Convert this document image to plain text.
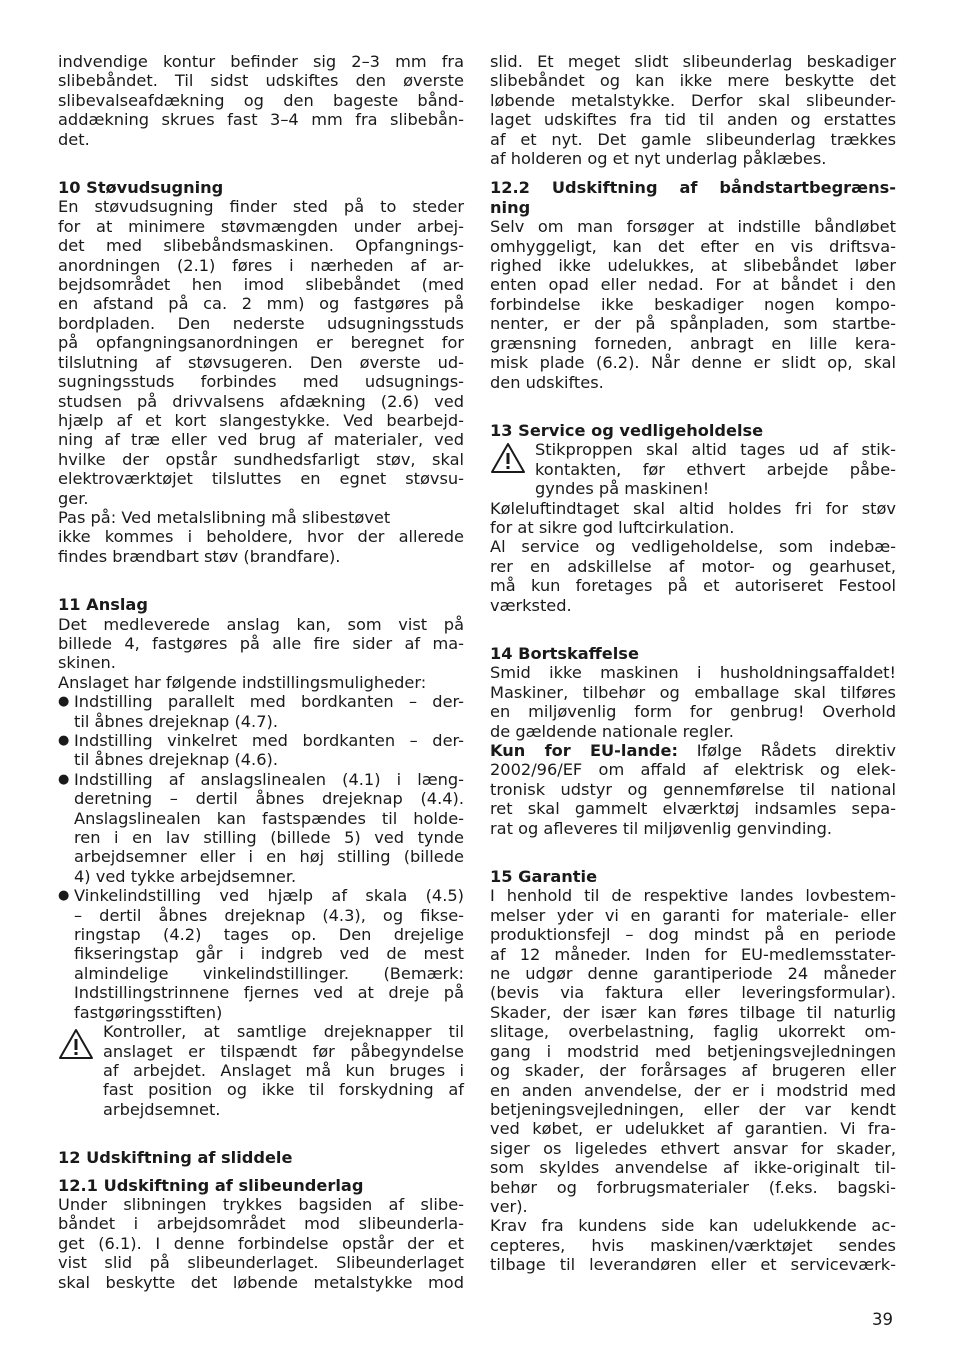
indvendige kontur befinder sig 2–3 mm fra
slibebåndet. Til sidst udskiftes den øverste
slibevalseafdækning og den bageste bånd-
addækning skrues fast 3–4 mm fra slibebån-
det.
10 Støvudsugning
En støvudsugning finder sted på to steder
for at minimere støvmængden under arbej-
det med slibebåndsmaskinen. Opfangnings-
anordningen (2.1) føres i nærheden af ar-
bejdsområdet hen imod slibebåndet (med
en afstand på ca. 2 mm) og fastgøres på
bordpladen. Den nederste udsugningsstuds
på opfangningsanordningen er beregnet for
tilslutning af støvsugeren. Den øverste ud-
sugningsstuds forbindes med udsugnings-
studsen på drivvalsens afdækning (2.6) ved
hjælp af et kort slangestykke. Ved bearbejd-
ning af træ eller ved brug af materialer, ved
hvilke der opstår sundhedsfarligt støv, skal
elektroværktøjet tilsluttes en egnet støvsu-
ger.
Pas på: Ved metalslibning må slibestøvet
ikke kommes i beholdere, hvor der allerede
findes brændbart støv (brandfare).
11 Anslag
Det medleverede anslag kan, som vist på
billede 4, fastgøres på alle fire sider af ma-
skinen.
Anslaget har følgende indstillingsmuligheder:
● Indstilling parallelt med bordkanten – der-
til åbnes drejeknap (4.7).
● Indstilling vinkelret med bordkanten – der-
til åbnes drejeknap (4.6).
● Indstilling af anslagslinealen (4.1) i læng-
deretning – dertil åbnes drejeknap (4.4).
Anslagslinealen kan fastspændes til holde-
ren i en lav stilling (billede 5) ved tynde
arbejdsemner eller i en høj stilling (billede
4) ved tykke arbejdsemner.
● Vinkelindstilling ved hjælp af skala (4.5)
– dertil åbnes drejeknap (4.3), og fikse-
ringstap (4.2) tages op. Den drejelige
fikseringstap går i indgreb ved de mest
almindelige vinkelindstillinger. (Bemærk:
Indstillingstrinnene fjernes ved at dreje på
fastgøringsstiften)
Kontroller, at samtlige drejeknapper til
anslaget er tilspændt før påbegyndelse
af arbejdet. Anslaget må kun bruges i
fast position og ikke til forskydning af
arbejdsemnet.
12 Udskiftning af sliddele
12.1 Udskiftning af slibeunderlag
Under slibningen trykkes bagsiden af slibe-
båndet i arbejdsområdet mod slibeunderla-
get (6.1). I denne forbindelse opstår der et
vist slid på slibeunderlaget. Slibeunderlaget
skal beskytte det løbende metalstykke mod
slid. Et meget slidt slibeunderlag beskadiger
slibebåndet og kan ikke mere beskytte det
løbende metalstykke. Derfor skal slibeunder-
laget udskiftes fra tid til anden og erstattes
af et nyt. Det gamle slibeunderlag trækkes
af holderen og et nyt underlag påklæbes.
12.2 Udskiftning af båndstartbegræns-
ning
Selv om man forsøger at indstille båndløbet
omhyggeligt, kan det efter en vis driftsva-
righed ikke udelukkes, at slibebåndet løber
enten opad eller nedad. For at båndet i den
forbindelse ikke beskadiger nogen kompo-
nenter, er der på spånpladen, som startbe-
grænsning forneden, anbragt en lille kera-
misk plade (6.2). Når denne er slidt op, skal
den udskiftes.
13 Service og vedligeholdelse
Stikproppen skal altid tages ud af stik-
kontakten, før ethvert arbejde påbe-
gyndes på maskinen!
Køleluftindtaget skal altid holdes fri for støv
for at sikre god luftcirkulation.
Al service og vedligeholdelse, som indebæ-
rer en adskillelse af motor- og gearhuset,
må kun foretages på et autoriseret Festool
værksted.
14 Bortskaffelse
Smid ikke maskinen i husholdningsaffaldet!
Maskiner, tilbehør og emballage skal tilføres
en miljøvenlig form for genbrug! Overhold
de gældende nationale regler.
Kun for EU-lande: Ifølge Rådets direktiv
2002/96/EF om affald af elektrisk og elek-
tronisk udstyr og gennemførelse til national
ret skal gammelt elværktøj indsamles sepa-
rat og afleveres til miljøvenlig genvinding.
15 Garantie
I henhold til de respektive landes lovbestem-
melser yder vi en garanti for materiale- eller
produktionsfejl – dog mindst på en periode
af 12 måneder. Inden for EU-medlemsstater-
ne udgør denne garantiperiode 24 måneder
(bevis via faktura eller leveringsformular).
Skader, der især kan føres tilbage til naturlig
slitage, overbelastning, faglig ukorrekt om-
gang i modstrid med betjeningsvejledningen
og skader, der forårsages af brugeren eller
en anden anvendelse, der er i modstrid med
betjeningsvejledningen, eller der var kendt
ved købet, er udelukket af garantien. Vi fra-
siger os ligeledes ethvert ansvar for skader,
som skyldes anvendelse af ikke-originalt til-
behør og forbrugsmaterialer (f.eks. bagski-
ver).
Krav fra kundens side kan udelukkende ac-
cepteres, hvis maskinen/værktøjet sendes
tilbage til leverandøren eller et serviceværk-
39
